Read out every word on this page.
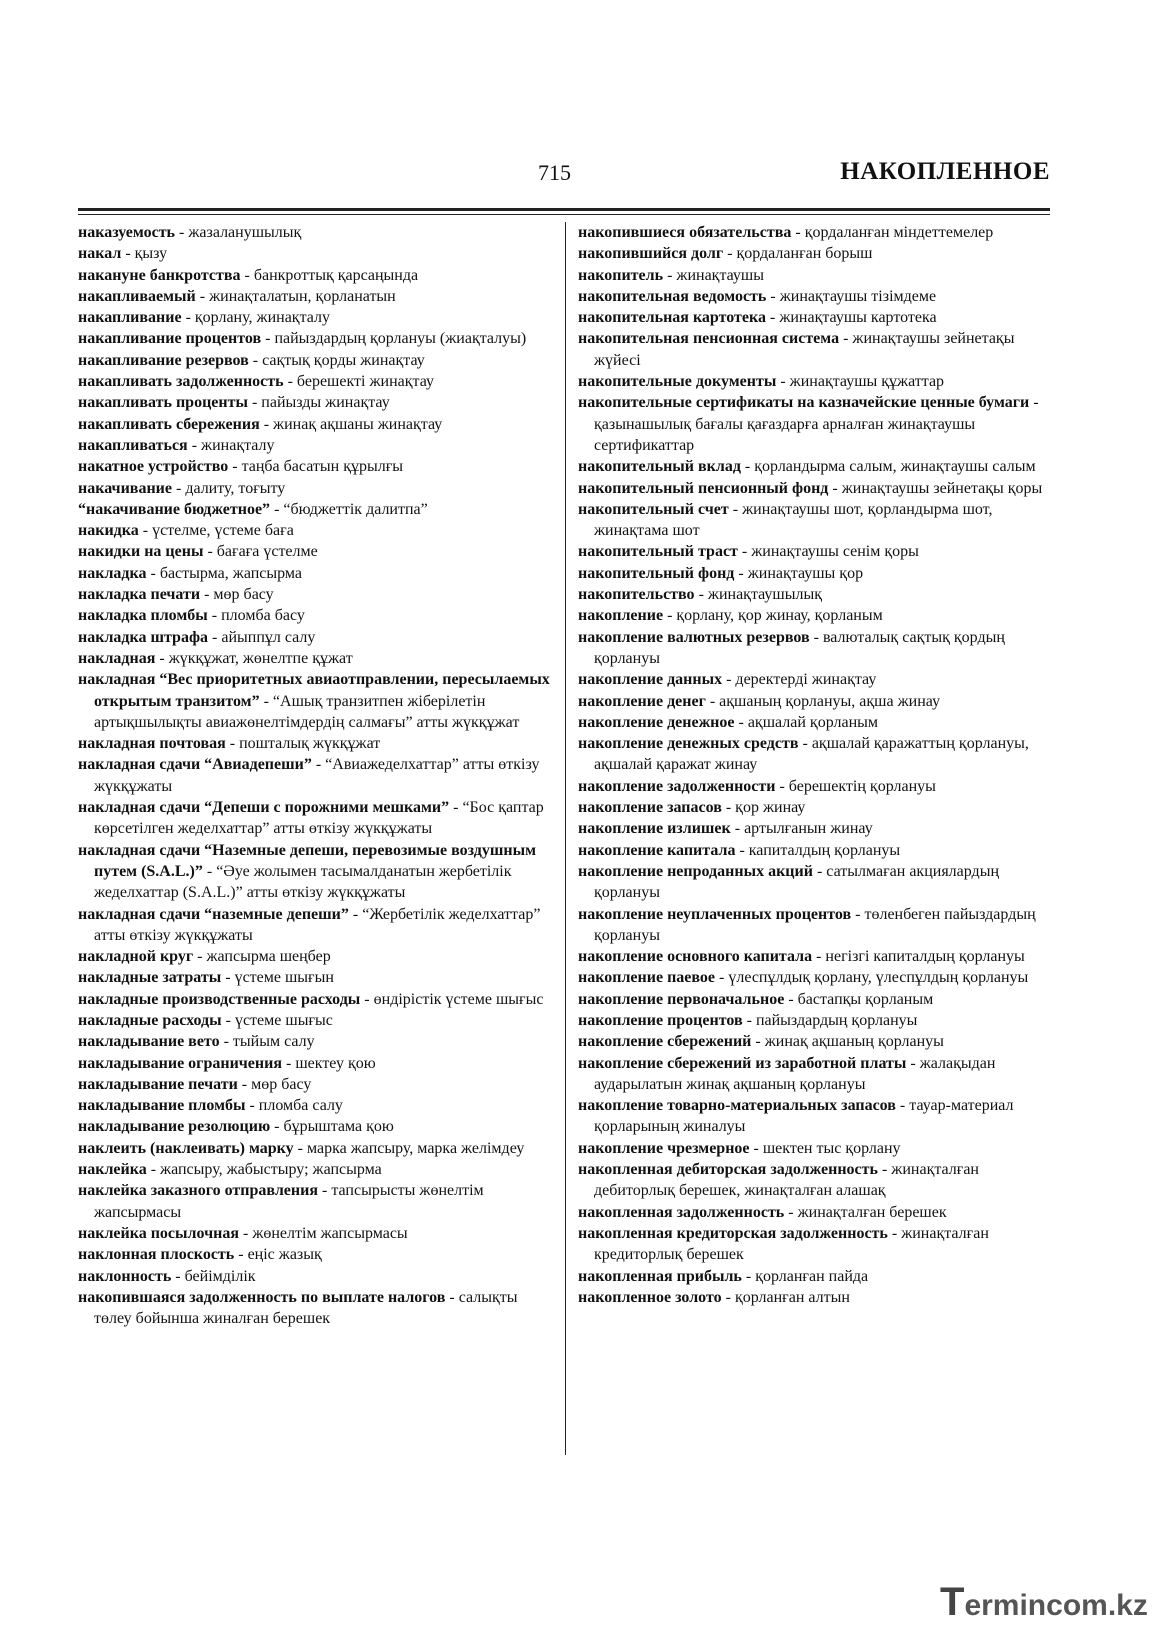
715	НАКОПЛЕННОЕ

наказуемость - жазаланушылық

накал - қызу

накануне банкротства - банкроттық қарсаңында

накапливаемый - жинақталатын, қорланатын

накапливание - қорлану, жинақталу

накапливание процентов - пайыздардың қорлануы (жиақталуы)

накапливание резервов - сақтық қорды жинақтау

накапливать задолженность - берешекті жинақтау

накапливать проценты - пайызды жинақтау

накапливать сбережения - жинақ ақшаны жинақтау

накапливаться - жинақталу

накатное устройство - таңба басатын құрылғы

накачивание - далиту, тоғыту

“накачивание бюджетное” - “бюджеттік далитпа”

накидка - үстелме, үстеме баға

накидки на цены - бағаға үстелме

накладка - бастырма, жапсырма

накладка печати - мөр басу

накладка пломбы - пломба басу

накладка штрафа - айыппұл салу

накладная - жүкқұжат, жөнелтпе құжат

накладная “Вес приоритетных авиаотправлении, пересылаемых открытым транзитом” - “Ашық транзитпен жіберілетін артықшылықты авиажөнелтімдердің салмағы” атты жүкқұжат

накладная почтовая - пошталық жүкқұжат

накладная сдачи “Авиадепеши” - “Авиажеделхаттар” атты өткізу жүкқұжаты

накладная сдачи “Депеши с порожними мешками” - “Бос қаптар көрсетілген жеделхаттар” атты өткізу жүкқұжаты

накладная сдачи “Наземные депеши, перевозимые воздушным путем (S.A.L.)” - “Әуе жолымен тасымалданатын жербетілік жеделхаттар (S.A.L.)” атты өткізу жүкқұжаты

накладная сдачи “наземные депеши” - “Жербетілік жеделхаттар” атты өткізу жүкқұжаты

накладной круг - жапсырма шеңбер

накладные затраты - үстеме шығын

накладные производственные расходы - өндірістік үстеме шығыс

накладные расходы - үстеме шығыс

накладывание вето - тыйым салу

накладывание ограничения - шектеу қою

накладывание печати - мөр басу

накладывание пломбы - пломба салу

накладывание резолюцию - бұрыштама қою

наклеить (наклеивать) марку - марка жапсыру, марка желімдеу

наклейка - жапсыру, жабыстыру; жапсырма

наклейка заказного отправления - тапсырысты жөнелтім жапсырмасы

наклейка посылочная - жөнелтім жапсырмасы

наклонная плоскость - еңіс жазық

наклонность - бейімділік

накопившаяся задолженность по выплате налогов - салықты төлеу бойынша жиналған берешек

накопившиеся обязательства - қордаланған міндеттемелер

накопившийся долг - қордаланған борыш

накопитель - жинақтаушы

накопительная ведомость - жинақтаушы тізімдеме

накопительная картотека - жинақтаушы картотека

накопительная пенсионная система - жинақтаушы зейнетақы жүйесі

накопительные документы - жинақтаушы құжаттар

накопительные сертификаты на казначейские ценные бумаги - қазынашылық бағалы қағаздарға арналған жинақтаушы сертификаттар

накопительный вклад - қорландырма салым, жинақтаушы салым

накопительный пенсионный фонд - жинақтаушы зейнетақы қоры

накопительный счет - жинақтаушы шот, қорландырма шот, жинақтама шот

накопительный траст - жинақтаушы сенім қоры

накопительный фонд - жинақтаушы қор

накопительство - жинақтаушылық

накопление - қорлану, қор жинау, қорланым

накопление валютных резервов - валюталық сақтық қордың қорлануы

накопление данных - деректерді жинақтау

накопление денег - ақшаның қорлануы, ақша жинау

накопление денежное - ақшалай қорланым

накопление денежных средств - ақшалай қаражаттың қорлануы, ақшалай қаражат жинау

накопление задолженности - берешектің қорлануы

накопление запасов - қор жинау

накопление излишек - артылғанын жинау

накопление капитала - капиталдың қорлануы

накопление непроданных акций - сатылмаған акциялардың қорлануы

накопление неуплаченных процентов - төленбеген пайыздардың қорлануы

накопление основного капитала - негізгі капиталдың қорлануы

накопление паевое - үлеспұлдық қорлану, үлеспұлдың қорлануы

накопление первоначальное - бастапқы қорланым

накопление процентов - пайыздардың қорлануы

накопление сбережений - жинақ ақшаның қорлануы

накопление сбережений из заработной платы - жалақыдан аударылатын жинақ ақшаның қорлануы

накопление товарно-материальных запасов - тауар-материал қорларының жиналуы

накопление чрезмерное - шектен тыс қорлану

накопленная дебиторская задолженность - жинақталған дебиторлық берешек, жинақталған алашақ

накопленная задолженность - жинақталған берешек

накопленная кредиторская задолженность - жинақталған кредиторлық берешек

накопленная прибыль - қорланған пайда

накопленное золото - қорланған алтын

Termincom.kz
